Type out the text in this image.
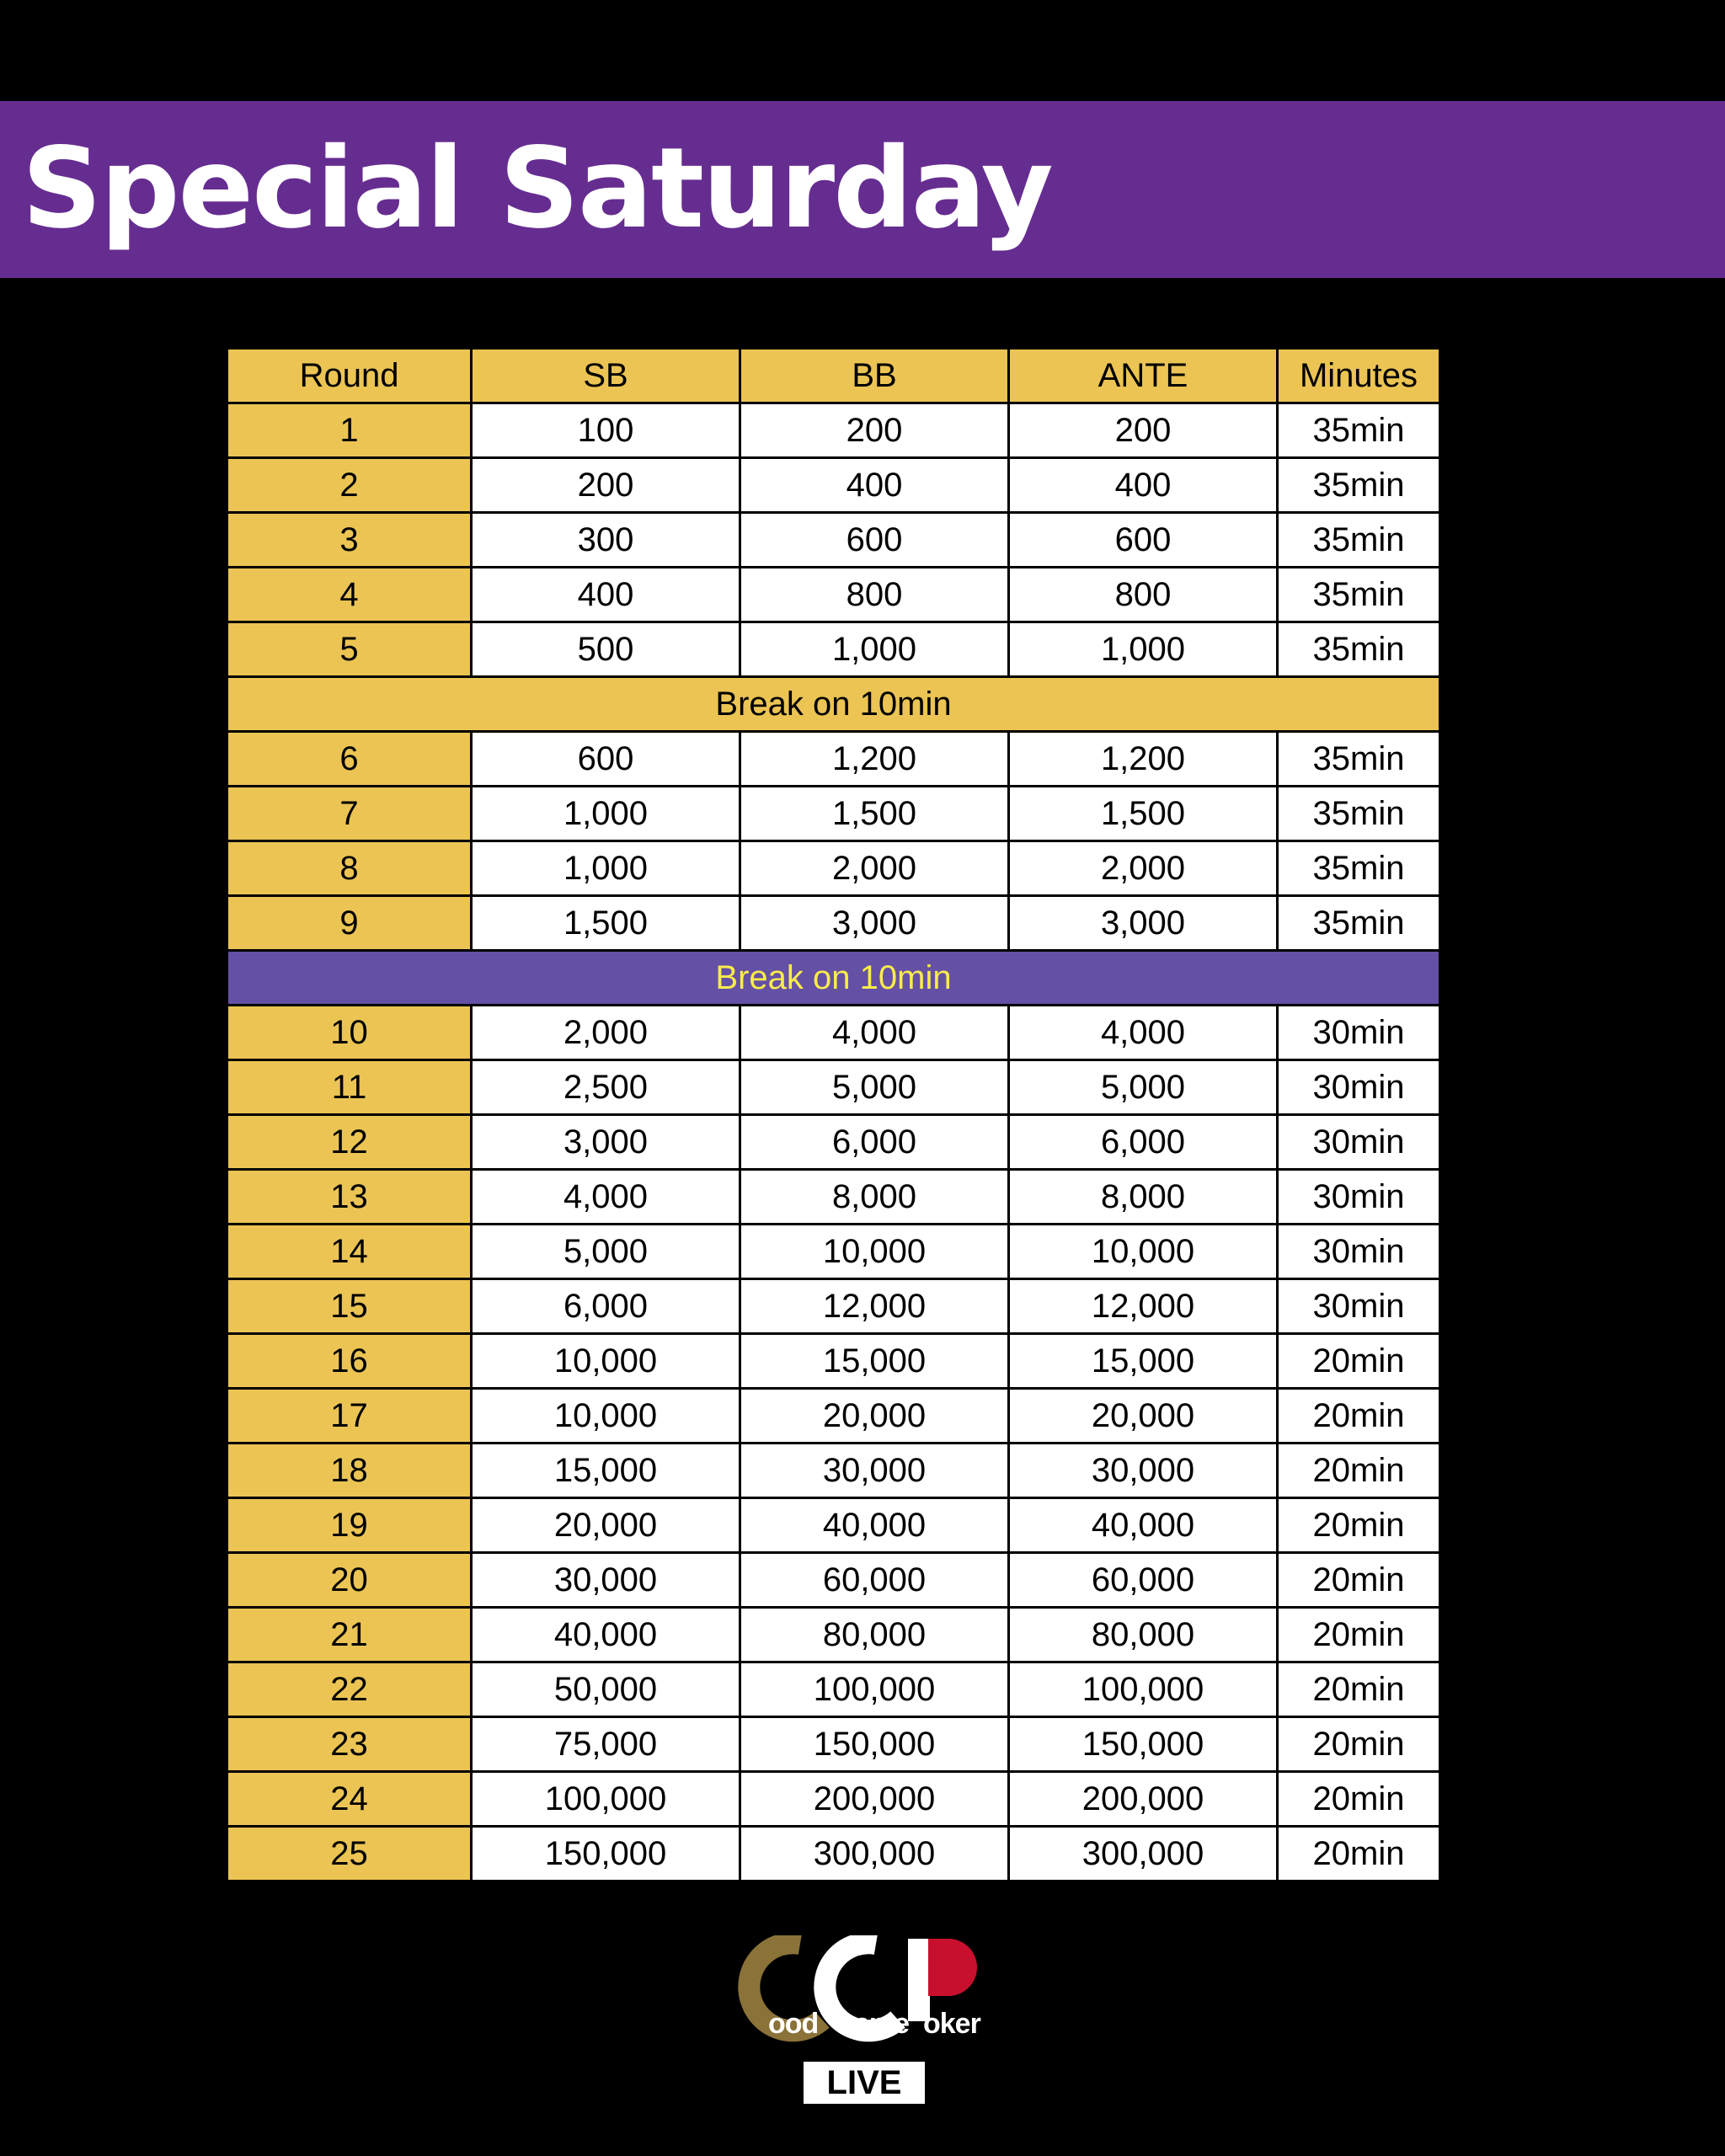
Special Saturday
Round	SB	BB	ANTE	Minutes
1	100	200	200	35min
2	200	400	400	35min
3	300	600	600	35min
4	400	800	800	35min
5	500	1,000	1,000	35min
Break on 10min				
6	600	1,200	1,200	35min
7	1,000	1,500	1,500	35min
8	1,000	2,000	2,000	35min
9	1,500	3,000	3,000	35min
Break on 10min				
10	2,000	4,000	4,000	30min
11	2,500	5,000	5,000	30min
12	3,000	6,000	6,000	30min
13	4,000	8,000	8,000	30min
14	5,000	10,000	10,000	30min
15	6,000	12,000	12,000	30min
16	10,000	15,000	15,000	20min
17	10,000	20,000	20,000	20min
18	15,000	30,000	30,000	20min
19	20,000	40,000	40,000	20min
20	30,000	60,000	60,000	20min
21	40,000	80,000	80,000	20min
22	50,000	100,000	100,000	20min
23	75,000	150,000	150,000	20min
24	100,000	200,000	200,000	20min
25	150,000	300,000	300,000	20min
ood ame oker
LIVE
